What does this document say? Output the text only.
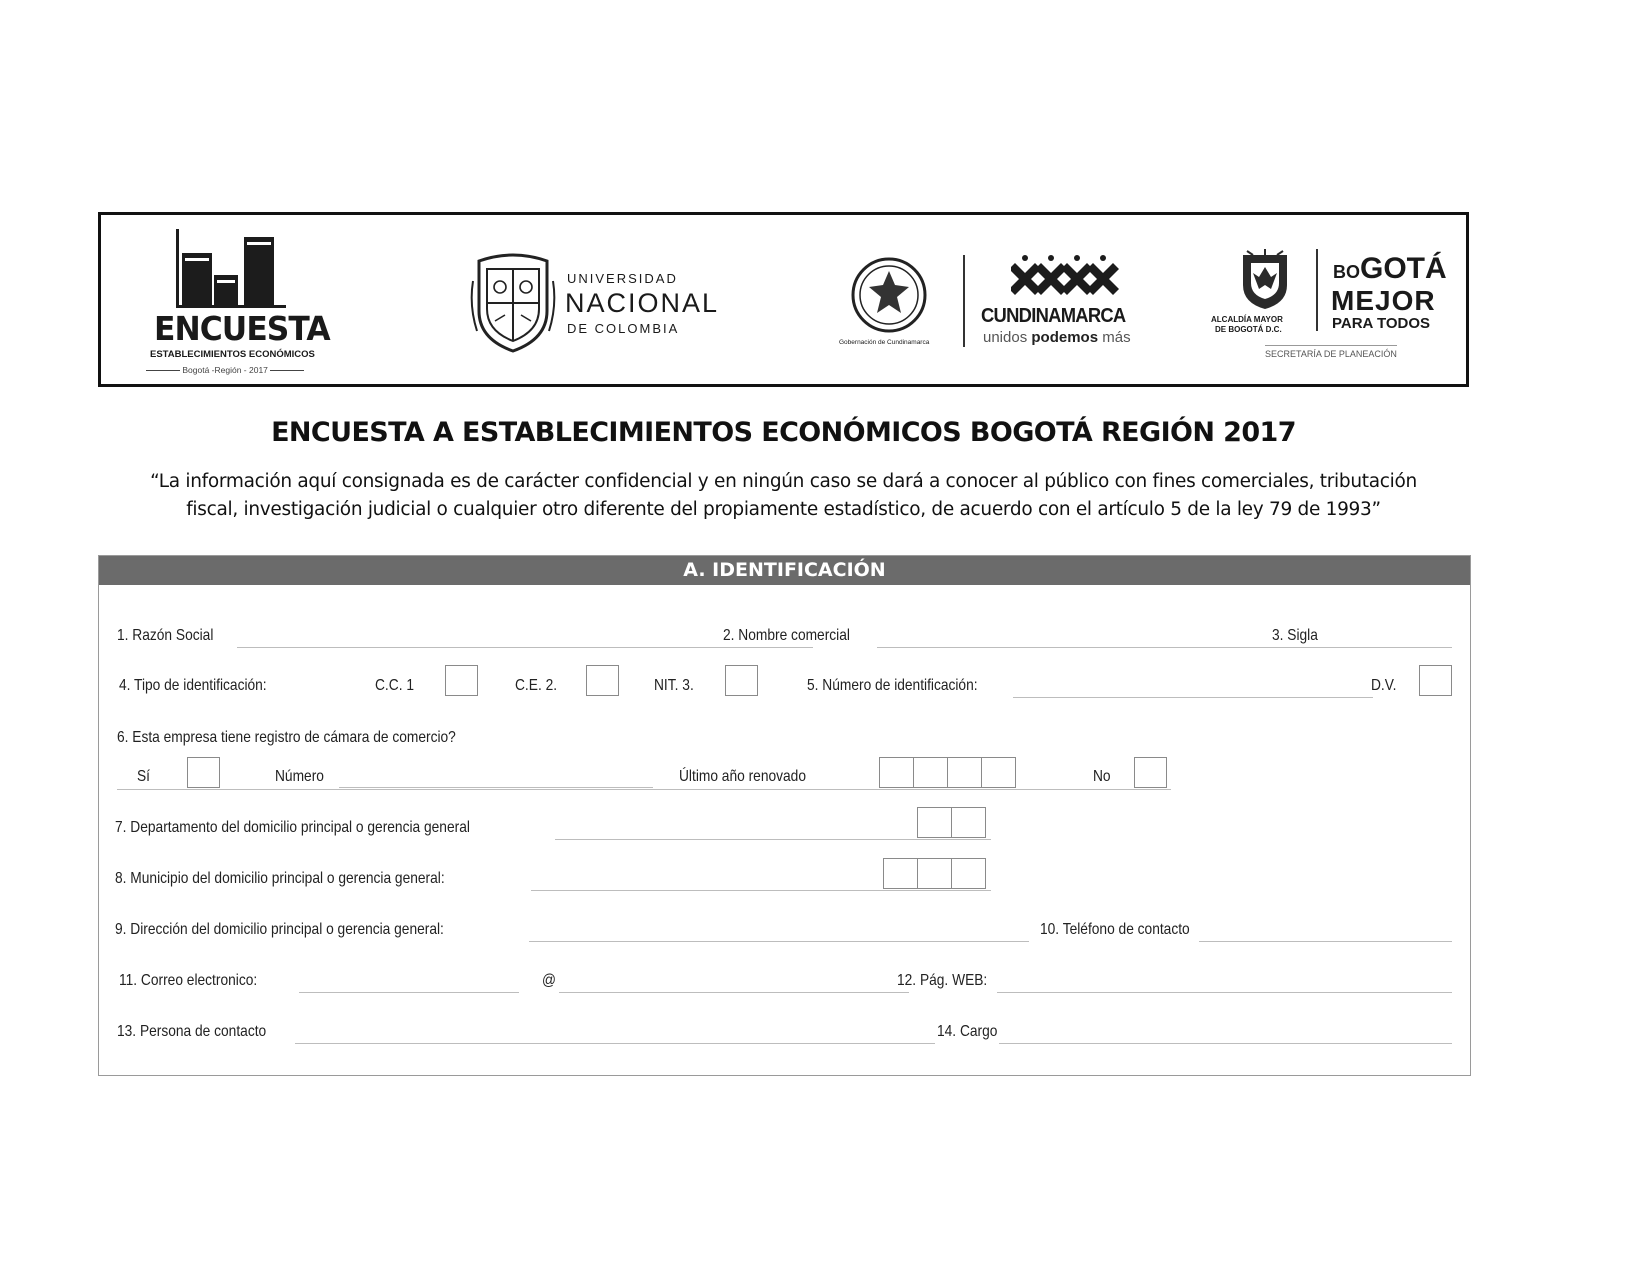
ENCUESTA
ESTABLECIMIENTOS ECONÓMICOS
Bogotá -Región - 2017
UNIVERSIDAD
NACIONAL
DE COLOMBIA
Gobernación de Cundinamarca
CUNDINAMARCA
unidos podemos más
ALCALDÍA MAYOR
DE BOGOTÁ D.C.
BOGOTÁ
MEJOR
PARA TODOS
SECRETARÍA DE PLANEACIÓN
ENCUESTA A ESTABLECIMIENTOS ECONÓMICOS BOGOTÁ REGIÓN 2017
“La información aquí consignada es de carácter confidencial y en ningún caso se dará a conocer al público con fines comerciales, tributación
fiscal, investigación judicial o cualquier otro diferente del propiamente estadístico, de acuerdo con el artículo 5 de la ley 79 de 1993”
A. IDENTIFICACIÓN
1. Razón Social	2. Nombre comercial	3. Sigla
4. Tipo de identificación:	C.C. 1	C.E. 2.	NIT. 3.	5. Número de identificación:	D.V.
6. Esta empresa tiene registro de cámara de comercio?
Sí	Número	Último año renovado	No
7. Departamento del domicilio principal o gerencia general
8. Municipio del domicilio principal o gerencia general:
9. Dirección del domicilio principal o gerencia general:	10. Teléfono de contacto
11. Correo electronico:	@	12. Pág. WEB:
13. Persona de contacto	14. Cargo
